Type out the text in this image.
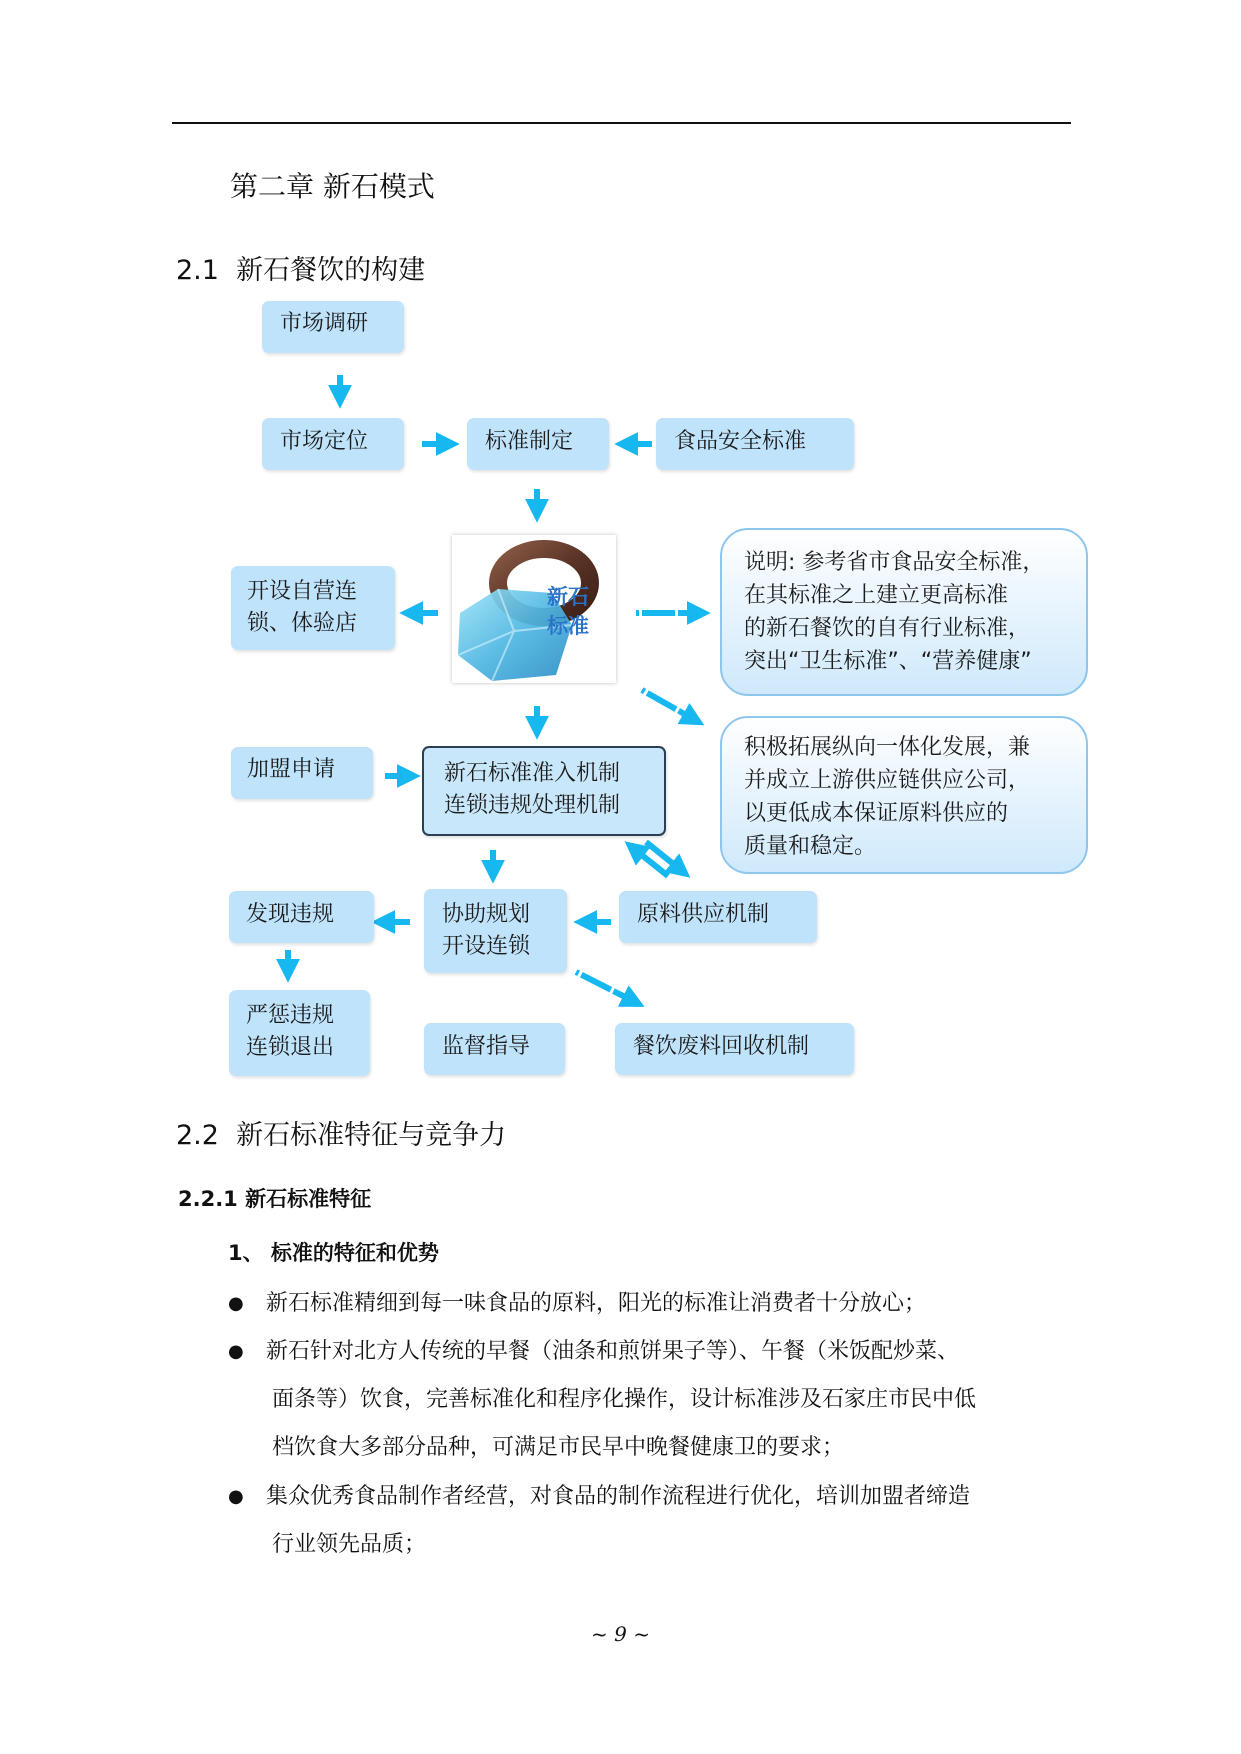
第二章 新石模式
2.1 新石餐饮的构建
市场调研
市场定位	标准制定	食品安全标准
开设自营连
锁、体验店
新石
标准
说明: 参考省市食品安全标准，
在其标准之上建立更高标准
的新石餐饮的自有行业标准，
突出“卫生标准”、“营养健康”
积极拓展纵向一体化发展，兼
并成立上游供应链供应公司，
以更低成本保证原料供应的
质量和稳定。
加盟申请	新石标准准入机制
连锁违规处理机制
发现违规	协助规划
开设连锁
原料供应机制
严惩违规
连锁退出	监督指导	餐饮废料回收机制
2.2 新石标准特征与竞争力
2.2.1 新石标准特征
1、 标准的特征和优势
●	新石标准精细到每一味食品的原料，阳光的标准让消费者十分放心；
●	新石针对北方人传统的早餐（油条和煎饼果子等）、午餐（米饭配炒菜、
面条等）饮食，完善标准化和程序化操作，设计标准涉及石家庄市民中低
档饮食大多部分品种，可满足市民早中晚餐健康卫的要求；
●	集众优秀食品制作者经营，对食品的制作流程进行优化，培训加盟者缔造
行业领先品质；
~ 9 ~
